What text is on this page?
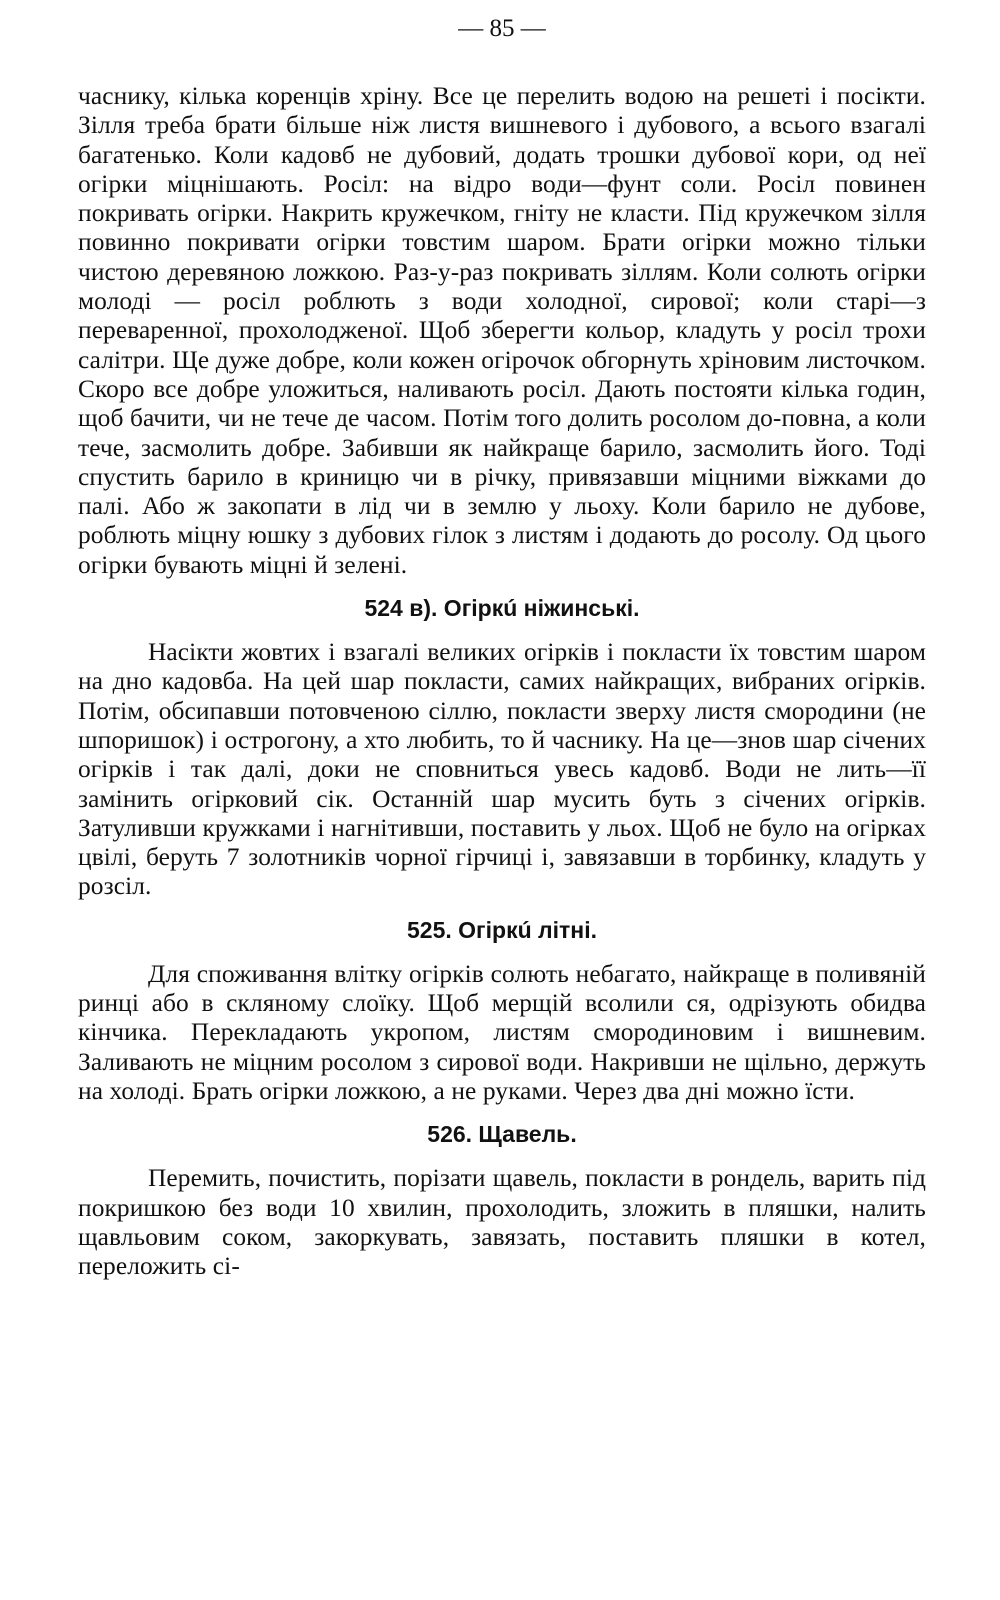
— 85 —

часнику, кілька коренців хріну. Все це перелить водою на решеті і посікти. Зілля треба брати більше ніж листя вишневого і дубового, а всього взагалі багатенько. Коли кадовб не дубовий, додать трошки дубової кори, од неї огірки міцнішають. Росіл: на відро води—фунт соли. Росіл повинен покривать огірки. Накрить кружечком, гніту не класти. Під кружечком зілля повинно покривати огірки товстим шаром. Брати огірки можно тільки чистою деревяною ложкою. Раз-у-раз покривать зіллям. Коли солють огірки молоді — росіл роблють з води холодної, сирової; коли старі—з переваренної, прохолодженої. Щоб зберегти кольор, кладуть у росіл трохи салітри. Ще дуже добре, коли кожен огірочок обгорнуть хріновим листочком. Скоро все добре уложиться, наливають росіл. Дають постояти кілька годин, щоб бачити, чи не тече де часом. Потім того долить росолом до-повна, а коли тече, засмолить добре. Забивши як найкраще барило, засмолить його. Тоді спустить барило в криницю чи в річку, привязавши міцними віжками до палі. Або ж закопати в лід чи в землю у льоху. Коли барило не дубове, роблють міцну юшку з дубових гілок з листям і додають до росолу. Од цього огірки бувають міцні й зелені.

524 в). Огіркú ніжинські.

Насікти жовтих і взагалі великих огірків і покласти їх товстим шаром на дно кадовба. На цей шар покласти, самих найкращих, вибраних огірків. Потім, обсипавши потовченою сіллю, покласти зверху листя смородини (не шпоришок) і острогону, а хто любить, то й часнику. На це—знов шар січених огірків і так далі, доки не сповниться увесь кадовб. Води не лить—її замінить огірковий сік. Останній шар мусить буть з січених огірків. Затуливши кружками і нагнітивши, поставить у льох. Щоб не було на огірках цвілі, беруть 7 золотників чорної гірчиці і, завязавши в торбинку, кладуть у розсіл.

525. Огіркú літні.

Для споживання влітку огірків солють небагато, найкраще в поливяній ринці або в скляному слоїку. Щоб мерщій всолили ся, одрізують обидва кінчика. Перекладають укропом, листям смородиновим і вишневим. Заливають не міцним росолом з сирової води. Накривши не щільно, держуть на холоді. Брать огірки ложкою, а не руками. Через два дні можно їсти.

526. Щавель.

Перемить, почистить, порізати щавель, покласти в рондель, варить під покришкою без води 10 хвилин, прохолодить, зложить в пляшки, налить щавльовим соком, закоркувать, завязать, поставить пляшки в котел, переложить сі-
